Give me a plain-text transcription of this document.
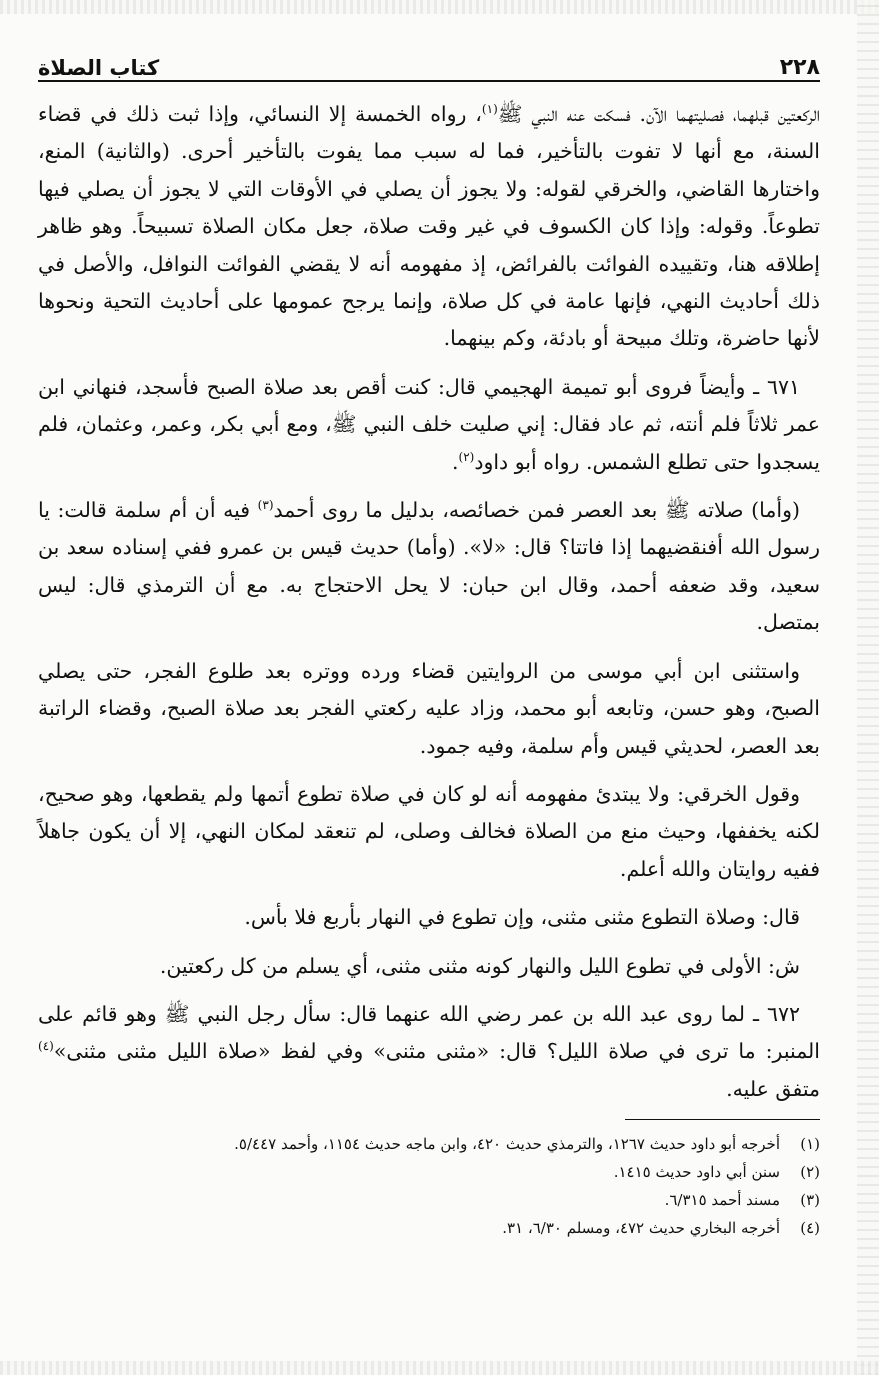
٢٢٨
كتاب الصلاة

الركعتين قبلهما، فصليتهما الآن. فسكت عنه النبي ﷺ$^{(١)}$، رواه الخمسة إلا النسائي، وإذا ثبت ذلك في قضاء السنة، مع أنها لا تفوت بالتأخير، فما له سبب مما يفوت بالتأخير أحرى. (والثانية) المنع، واختارها القاضي، والخرقي لقوله: ولا يجوز أن يصلي في الأوقات التي لا يجوز أن يصلي فيها تطوعاً. وقوله: وإذا كان الكسوف في غير وقت صلاة، جعل مكان الصلاة تسبيحاً. وهو ظاهر إطلاقه هنا، وتقييده الفوائت بالفرائض، إذ مفهومه أنه لا يقضي الفوائت النوافل، والأصل في ذلك أحاديث النهي، فإنها عامة في كل صلاة، وإنما يرجح عمومها على أحاديث التحية ونحوها لأنها حاضرة، وتلك مبيحة أو بادئة، وكم بينهما.

٦٧١ ـ وأيضاً فروى أبو تميمة الهجيمي قال: كنت أقص بعد صلاة الصبح فأسجد، فنهاني ابن عمر ثلاثاً فلم أنته، ثم عاد فقال: إني صليت خلف النبي ﷺ، ومع أبي بكر، وعمر، وعثمان، فلم يسجدوا حتى تطلع الشمس. رواه أبو داود$^{(٢)}$.

(وأما) صلاته ﷺ بعد العصر فمن خصائصه، بدليل ما روى أحمد$^{(٣)}$ فيه أن أم سلمة قالت: يا رسول الله أفنقضيهما إذا فاتتا؟ قال: «لا». (وأما) حديث قيس بن عمرو ففي إسناده سعد بن سعيد، وقد ضعفه أحمد، وقال ابن حبان: لا يحل الاحتجاج به. مع أن الترمذي قال: ليس بمتصل.

واستثنى ابن أبي موسى من الروايتين قضاء ورده ووتره بعد طلوع الفجر، حتى يصلي الصبح، وهو حسن، وتابعه أبو محمد، وزاد عليه ركعتي الفجر بعد صلاة الصبح، وقضاء الراتبة بعد العصر، لحديثي قيس وأم سلمة، وفيه جمود.

وقول الخرقي: ولا يبتدئ مفهومه أنه لو كان في صلاة تطوع أتمها ولم يقطعها، وهو صحيح، لكنه يخففها، وحيث منع من الصلاة فخالف وصلى، لم تنعقد لمكان النهي، إلا أن يكون جاهلاً ففيه روايتان والله أعلم.

قال: وصلاة التطوع مثنى مثنى، وإن تطوع في النهار بأربع فلا بأس.

ش: الأولى في تطوع الليل والنهار كونه مثنى مثنى، أي يسلم من كل ركعتين.

٦٧٢ ـ لما روى عبد الله بن عمر رضي الله عنهما قال: سأل رجل النبي ﷺ وهو قائم على المنبر: ما ترى في صلاة الليل؟ قال: «مثنى مثنى» وفي لفظ «صلاة الليل مثنى مثنى»$^{(٤)}$ متفق عليه.

(١)
أخرجه أبو داود حديث ١٢٦٧، والترمذي حديث ٤٢٠، وابن ماجه حديث ١١٥٤، وأحمد ٥/٤٤٧.
(٢)
سنن أبي داود حديث ١٤١٥.
(٣)
مسند أحمد ٦/٣١٥.
(٤)
أخرجه البخاري حديث ٤٧٢، ومسلم ٦/٣٠، ٣١.
